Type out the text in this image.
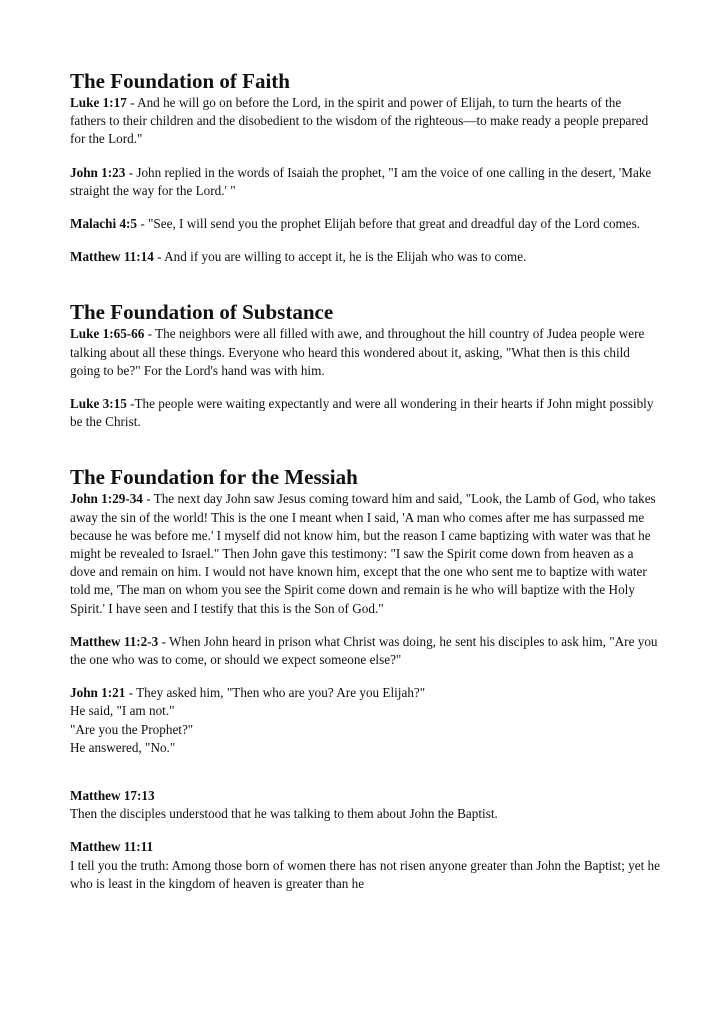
The Foundation of Faith

Luke 1:17 - And he will go on before the Lord, in the spirit and power of Elijah, to turn the hearts of the fathers to their children and the disobedient to the wisdom of the righteous—to make ready a people prepared for the Lord."

John 1:23 - John replied in the words of Isaiah the prophet, "I am the voice of one calling in the desert, 'Make straight the way for the Lord.' "

Malachi 4:5 - "See, I will send you the prophet Elijah before that great and dreadful day of the Lord comes.

Matthew 11:14 - And if you are willing to accept it, he is the Elijah who was to come.

The Foundation of Substance

Luke 1:65-66 - The neighbors were all filled with awe, and throughout the hill country of Judea people were talking about all these things. Everyone who heard this wondered about it, asking, "What then is this child going to be?" For the Lord's hand was with him.

Luke 3:15 -The people were waiting expectantly and were all wondering in their hearts if John might possibly be the Christ.

The Foundation for the Messiah

John 1:29-34 - The next day John saw Jesus coming toward him and said, "Look, the Lamb of God, who takes away the sin of the world! This is the one I meant when I said, 'A man who comes after me has surpassed me because he was before me.' I myself did not know him, but the reason I came baptizing with water was that he might be revealed to Israel." Then John gave this testimony: "I saw the Spirit come down from heaven as a dove and remain on him. I would not have known him, except that the one who sent me to baptize with water told me, 'The man on whom you see the Spirit come down and remain is he who will baptize with the Holy Spirit.' I have seen and I testify that this is the Son of God."

Matthew 11:2-3 - When John heard in prison what Christ was doing, he sent his disciples to ask him, "Are you the one who was to come, or should we expect someone else?"

John 1:21 - They asked him, "Then who are you? Are you Elijah?"

He said, "I am not."

"Are you the Prophet?"

He answered, "No."

Matthew 17:13

Then the disciples understood that he was talking to them about John the Baptist.

Matthew 11:11

I tell you the truth: Among those born of women there has not risen anyone greater than John the Baptist; yet he who is least in the kingdom of heaven is greater than he
